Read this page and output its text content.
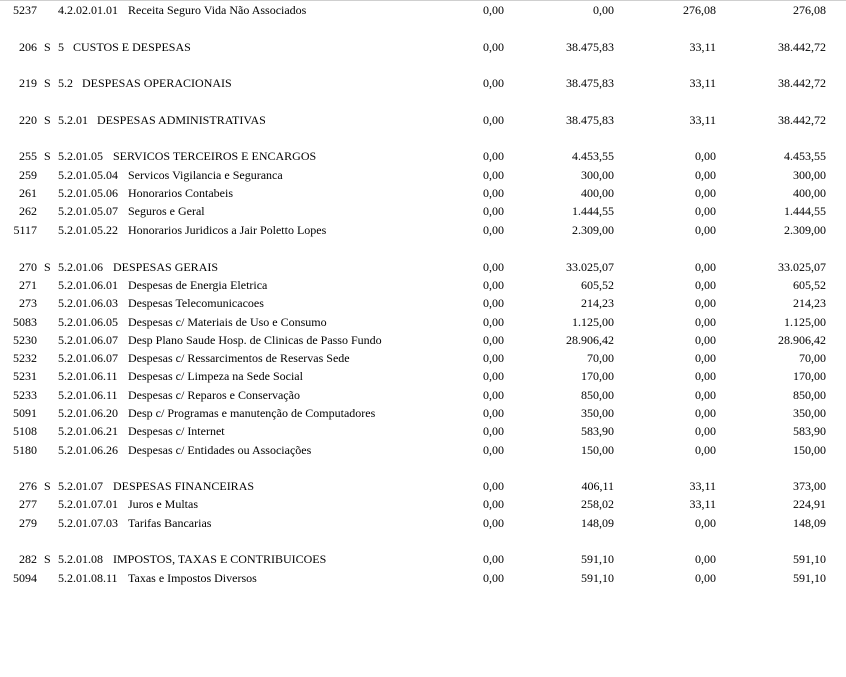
5237 4.2.02.01.01 Receita Seguro Vida Não Associados	0,00	0,00	276,08	276,08
206 S 5 CUSTOS E DESPESAS	0,00	38.475,83	33,11	38.442,72
219 S 5.2 DESPESAS OPERACIONAIS	0,00	38.475,83	33,11	38.442,72
220 S 5.2.01 DESPESAS ADMINISTRATIVAS	0,00	38.475,83	33,11	38.442,72
255 S 5.2.01.05 SERVICOS TERCEIROS E ENCARGOS	0,00	4.453,55	0,00	4.453,55
259 5.2.01.05.04 Servicos Vigilancia e Seguranca	0,00	300,00	0,00	300,00
261 5.2.01.05.06 Honorarios Contabeis	0,00	400,00	0,00	400,00
262 5.2.01.05.07 Seguros e Geral	0,00	1.444,55	0,00	1.444,55
5117 5.2.01.05.22 Honorarios Juridicos a Jair Poletto Lopes	0,00	2.309,00	0,00	2.309,00
270 S 5.2.01.06 DESPESAS GERAIS	0,00	33.025,07	0,00	33.025,07
271 5.2.01.06.01 Despesas de Energia Eletrica	0,00	605,52	0,00	605,52
273 5.2.01.06.03 Despesas Telecomunicacoes	0,00	214,23	0,00	214,23
5083 5.2.01.06.05 Despesas c/ Materiais de Uso e Consumo	0,00	1.125,00	0,00	1.125,00
5230 5.2.01.06.07 Desp Plano Saude Hosp. de Clinicas de Passo Fundo	0,00	28.906,42	0,00	28.906,42
5232 5.2.01.06.07 Despesas c/ Ressarcimentos de Reservas Sede	0,00	70,00	0,00	70,00
5231 5.2.01.06.11 Despesas c/ Limpeza na Sede Social	0,00	170,00	0,00	170,00
5233 5.2.01.06.11 Despesas c/ Reparos e Conservação	0,00	850,00	0,00	850,00
5091 5.2.01.06.20 Desp c/ Programas e manutenção de Computadores	0,00	350,00	0,00	350,00
5108 5.2.01.06.21 Despesas c/ Internet	0,00	583,90	0,00	583,90
5180 5.2.01.06.26 Despesas c/ Entidades ou Associações	0,00	150,00	0,00	150,00
276 S 5.2.01.07 DESPESAS FINANCEIRAS	0,00	406,11	33,11	373,00
277 5.2.01.07.01 Juros e Multas	0,00	258,02	33,11	224,91
279 5.2.01.07.03 Tarifas Bancarias	0,00	148,09	0,00	148,09
282 S 5.2.01.08 IMPOSTOS, TAXAS E CONTRIBUICOES	0,00	591,10	0,00	591,10
5094 5.2.01.08.11 Taxas e Impostos Diversos	0,00	591,10	0,00	591,10
